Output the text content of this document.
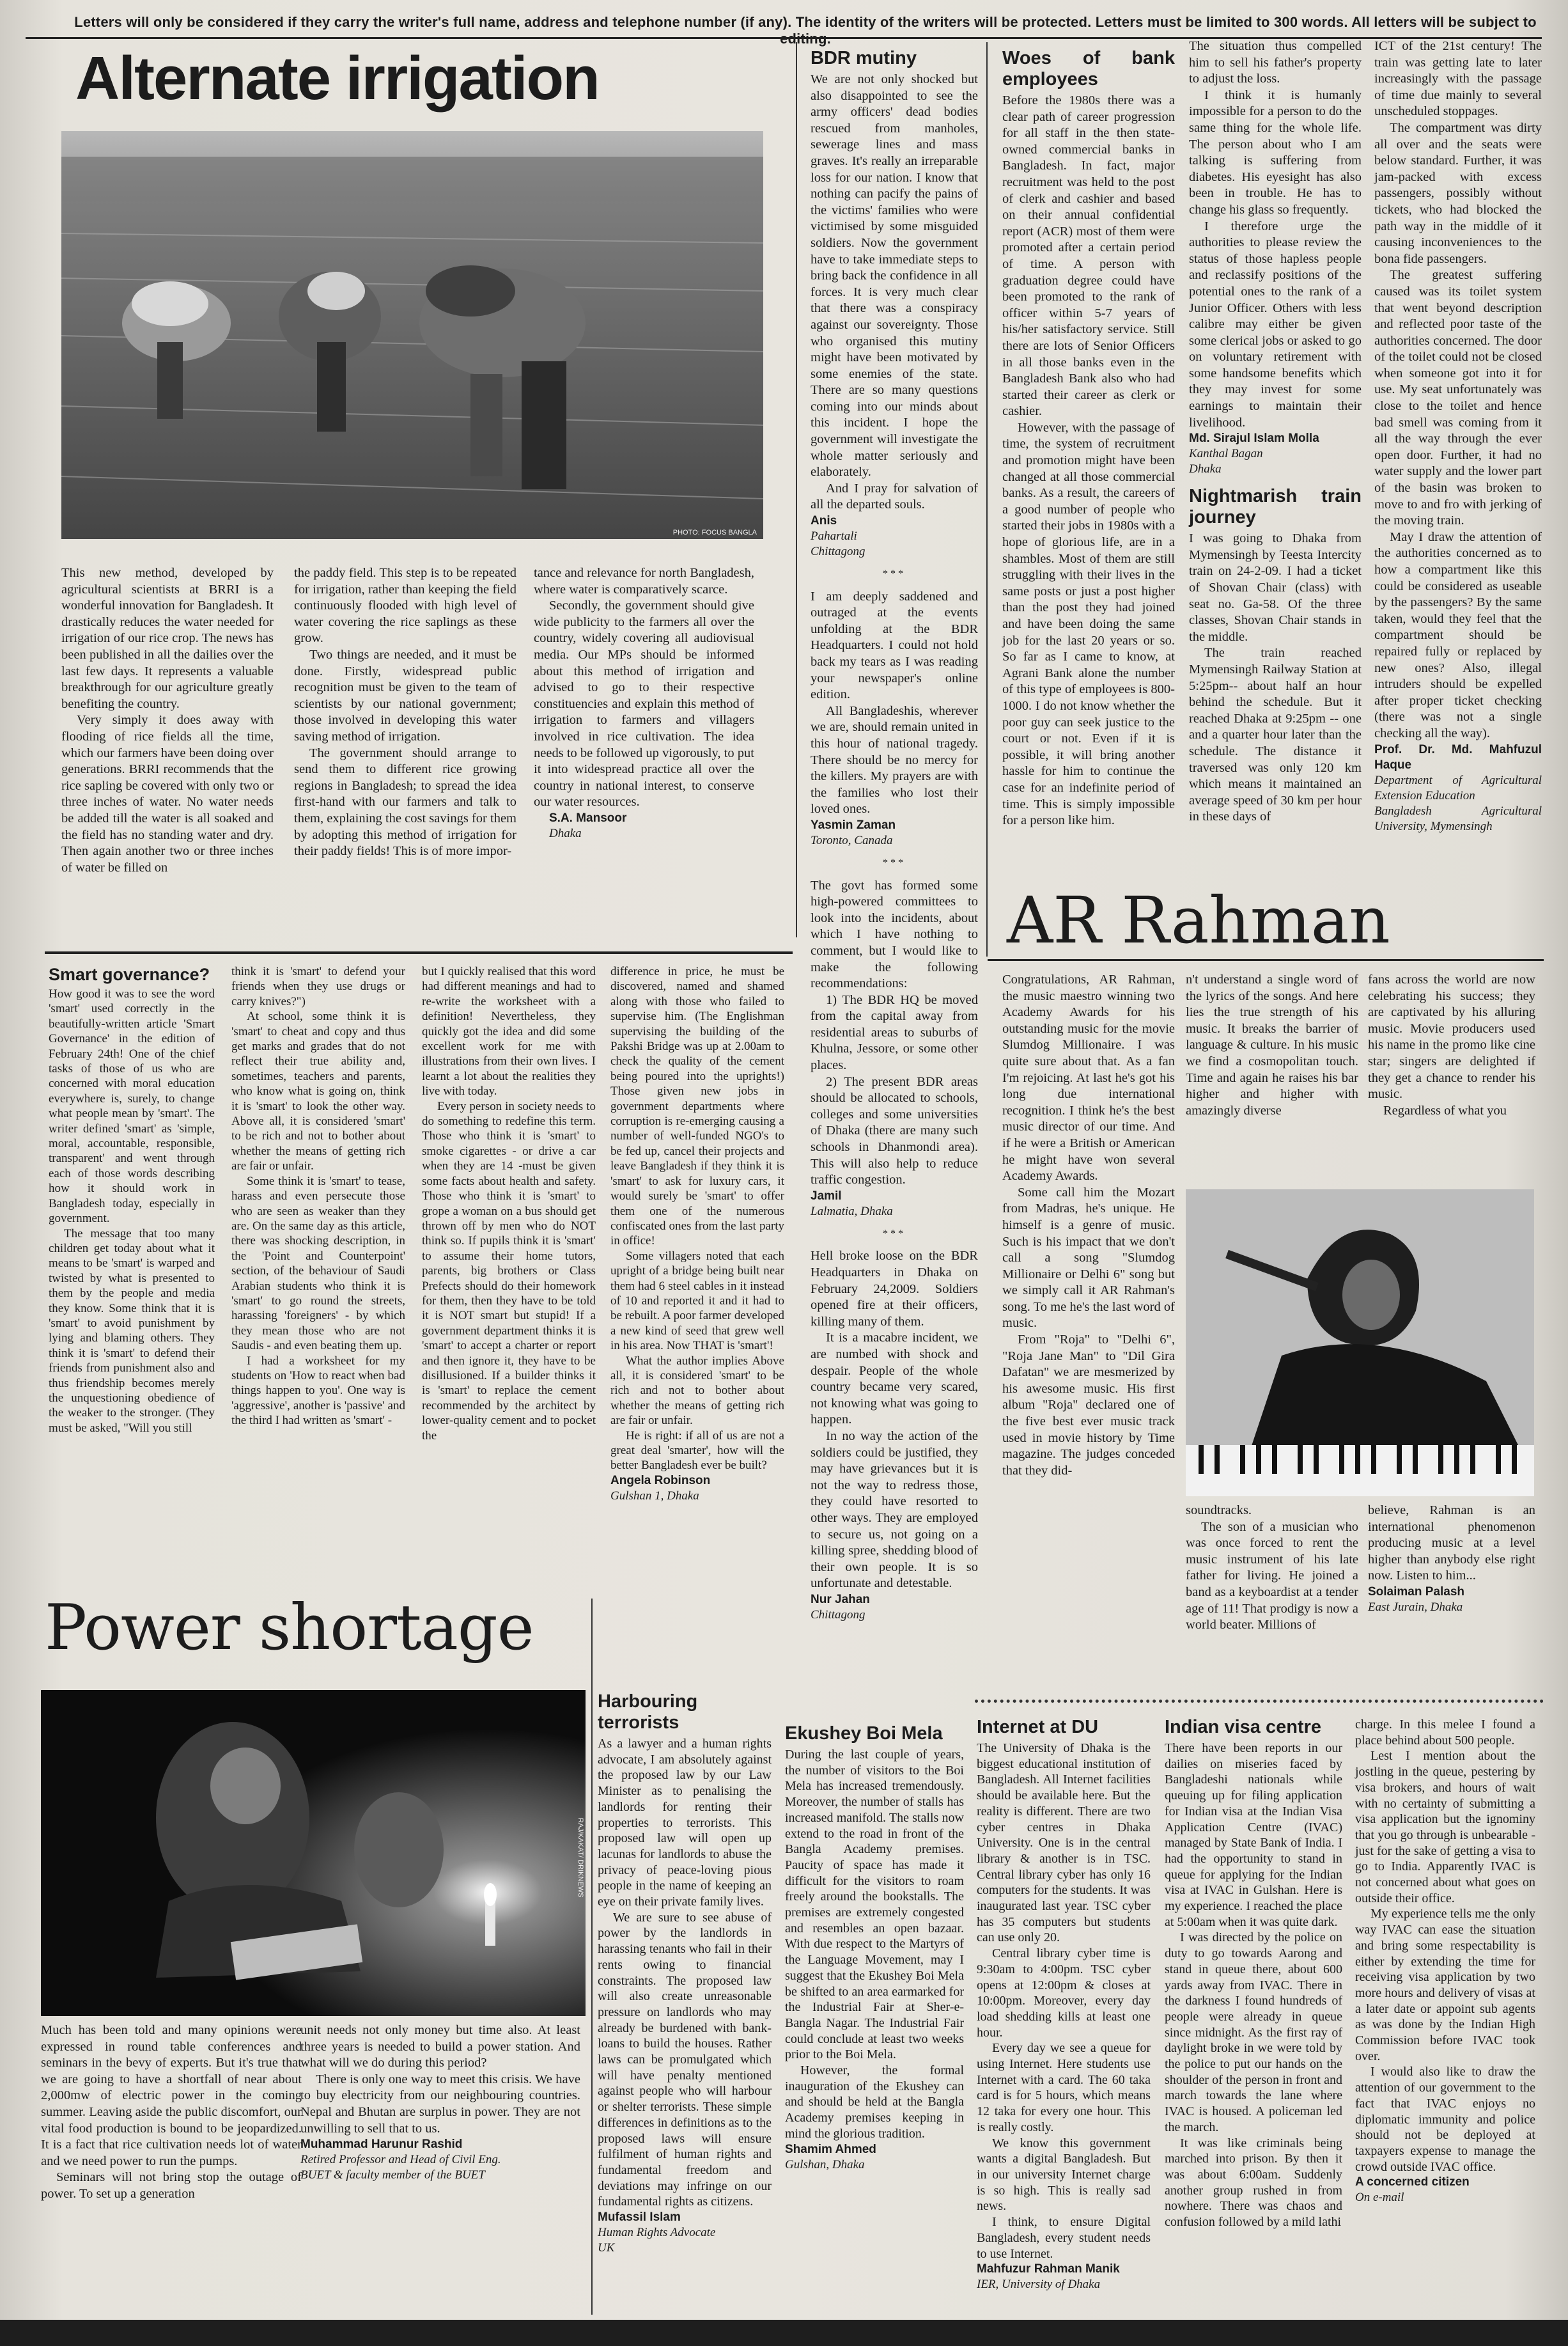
Letters will only be considered if they carry the writer's full name, address and telephone number (if any). The identity of the writers will be protected. Letters must be limited to 300 words. All letters will be subject to
Alternate irrigation
PHOTO: FOCUS BANGLA

This new method, developed by agricultural scientists at BRRI is a wonderful innovation for Bangladesh. It drastically reduces the water needed for irrigation of our rice crop. The news has been published in all the dailies over the last few days. It represents a valuable breakthrough for our agriculture greatly benefiting the country.

Very simply it does away with flooding of rice fields all the time, which our farmers have been doing over generations. BRRI recommends that the rice sapling be covered with only two or three inches of water. No water needs be added till the water is all soaked and the field has no standing water and dry. Then again another two or three inches of water be filled on

the paddy field. This step is to be repeated for irrigation, rather than keeping the field continuously flooded with high level of water covering the rice saplings as these grow.

Two things are needed, and it must be done. Firstly, widespread public recognition must be given to the team of scientists by our national government; those involved in developing this water saving method of irrigation.

The government should arrange to send them to different rice growing regions in Bangladesh; to spread the idea first-hand with our farmers and talk to them, explaining the cost savings for them by adopting this method of irrigation for their paddy fields! This is of more impor-

tance and relevance for north Bangladesh, where water is comparatively scarce.

Secondly, the government should give wide publicity to the farmers all over the country, widely covering all audiovisual media. Our MPs should be informed about this method of irrigation and advised to go to their respective constituencies and explain this method of irrigation to farmers and villagers involved in rice cultivation. The idea needs to be followed up vigorously, to put it into widespread practice all over the country in national interest, to conserve our water resources.

S.A. Mansoor
Dhaka
BDR mutiny

We are not only shocked but also disappointed to see the army officers' dead bodies rescued from manholes, sewerage lines and mass graves. It's really an irreparable loss for our nation. I know that nothing can pacify the pains of the victims' families who were victimised by some misguided soldiers. Now the government have to take immediate steps to bring back the confidence in all forces. It is very much clear that there was a conspiracy against our sovereignty. Those who organised this mutiny might have been motivated by some enemies of the state. There are so many questions coming into our minds about this incident. I hope the government will investigate the whole matter seriously and elaborately.

And I pray for salvation of all the departed souls.

Anis
Pahartali
Chittagong
***

I am deeply saddened and outraged at the events unfolding at the BDR Headquarters. I could not hold back my tears as I was reading your newspaper's online edition.

All Bangladeshis, wherever we are, should remain united in this hour of national tragedy. There should be no mercy for the killers. My prayers are with the families who lost their loved ones.

Yasmin Zaman
Toronto, Canada
***

The govt has formed some high-powered committees to look into the incidents, about which I have nothing to comment, but I would like to make the following recommendations:

1) The BDR HQ be moved from the capital away from residential areas to suburbs of Khulna, Jessore, or some other places.

2) The present BDR areas should be allocated to schools, colleges and some universities of Dhaka (there are many such schools in Dhanmondi area). This will also help to reduce traffic congestion.

Jamil
Lalmatia, Dhaka
***

Hell broke loose on the BDR Headquarters in Dhaka on February 24,2009. Soldiers opened fire at their officers, killing many of them.

It is a macabre incident, we are numbed with shock and despair. People of the whole country became very scared, not knowing what was going to happen.

In no way the action of the soldiers could be justified, they may have grievances but it is not the way to redress those, they could have resorted to other ways. They are employed to secure us, not going on a killing spree, shedding blood of their own people. It is so unfortunate and detestable.

Nur Jahan
Chittagong
Woes of bank employees

Before the 1980s there was a clear path of career progression for all staff in the then state-owned commercial banks in Bangladesh. In fact, major recruitment was held to the post of clerk and cashier and based on their annual confidential report (ACR) most of them were promoted after a certain period of time. A person with graduation degree could have been promoted to the rank of officer within 5-7 years of his/her satisfactory service. Still there are lots of Senior Officers in all those banks even in the Bangladesh Bank also who had started their career as clerk or cashier.

However, with the passage of time, the system of recruitment and promotion might have been changed at all those commercial banks. As a result, the careers of a good number of people who started their jobs in 1980s with a hope of glorious life, are in a shambles. Most of them are still struggling with their lives in the same posts or just a post higher than the post they had joined and have been doing the same job for the last 20 years or so. So far as I came to know, at Agrani Bank alone the number of this type of employees is 800-1000. I do not know whether the poor guy can seek justice to the court or not. Even if it is possible, it will bring another hassle for him to continue the case for an indefinite period of time. This is simply impossible for a person like him.

The situation thus compelled him to sell his father's property to adjust the loss.

I think it is humanly impossible for a person to do the same thing for the whole life. The person about who I am talking is suffering from diabetes. His eyesight has also been in trouble. He has to change his glass so frequently.

I therefore urge the authorities to please review the status of those hapless people and reclassify positions of the potential ones to the rank of a Junior Officer. Others with less calibre may either be given some clerical jobs or asked to go on voluntary retirement with some handsome benefits which they may invest for some earnings to maintain their livelihood.

Md. Sirajul Islam Molla
Kanthal Bagan
Dhaka
Nightmarish train journey

I was going to Dhaka from Mymensingh by Teesta Intercity train on 24-2-09. I had a ticket of Shovan Chair (class) with seat no. Ga-58. Of the three classes, Shovan Chair stands in the middle.

The train reached Mymensingh Railway Station at 5:25pm-- about half an hour behind the schedule. But it reached Dhaka at 9:25pm -- one and a quarter hour later than the schedule. The distance it traversed was only 120 km which means it maintained an average speed of 30 km per hour in these days of

ICT of the 21st century! The train was getting late to later increasingly with the passage of time due mainly to several unscheduled stoppages.

The compartment was dirty all over and the seats were below standard. Further, it was jam-packed with excess passengers, possibly without tickets, who had blocked the path way in the middle of it causing inconveniences to the bona fide passengers.

The greatest suffering caused was its toilet system that went beyond description and reflected poor taste of the authorities concerned. The door of the toilet could not be closed when someone got into it for use. My seat unfortunately was close to the toilet and hence bad smell was coming from it all the way through the ever open door. Further, it had no water supply and the lower part of the basin was broken to move to and fro with jerking of the moving train.

May I draw the attention of the authorities concerned as to how a compartment like this could be considered as useable by the passengers? By the same taken, would they feel that the compartment should be repaired fully or replaced by new ones? Also, illegal intruders should be expelled after proper ticket checking (there was not a single checking all the way).

Prof. Dr. Md. Mahfuzul Haque
Department of Agricultural Extension Education
Bangladesh Agricultural University, Mymensingh
AR Rahman

Congratulations, AR Rahman, the music maestro winning two Academy Awards for his outstanding music for the movie Slumdog Millionaire. I was quite sure about that. As a fan I'm rejoicing. At last he's got his long due international recognition. I think he's the best music director of our time. And if he were a British or American he might have won several Academy Awards.

Some call him the Mozart from Madras, he's unique. He himself is a genre of music. Such is his impact that we don't call a song "Slumdog Millionaire or Delhi 6" song but we simply call it AR Rahman's song. To me he's the last word of music.

From "Roja" to "Delhi 6", "Roja Jane Man" to "Dil Gira Dafatan" we are mesmerized by his awesome music. His first album "Roja" declared one of the five best ever music track used in movie history by Time magazine. The judges conceded that they did-

n't understand a single word of the lyrics of the songs. And here lies the true strength of his music. It breaks the barrier of language & culture. In his music we find a cosmopolitan touch. Time and again he raises his bar higher and higher with amazingly diverse

fans across the world are now celebrating his success; they are captivated by his alluring music. Movie producers used his name in the promo like cine star; singers are delighted if they get a chance to render his music.

Regardless of what you

soundtracks.

The son of a musician who was once forced to rent the music instrument of his late father for living. He joined a band as a keyboardist at a tender age of 11! That prodigy is now a world beater. Millions of

believe, Rahman is an international phenomenon producing music at a level higher than anybody else right now. Listen to him...

Solaiman Palash
East Jurain, Dhaka
Smart governance?

How good it was to see the word 'smart' used correctly in the beautifully-written article 'Smart Governance' in the edition of February 24th! One of the chief tasks of those of us who are concerned with moral education everywhere is, surely, to change what people mean by 'smart'. The writer defined 'smart' as 'simple, moral, accountable, responsible, transparent' and went through each of those words describing how it should work in Bangladesh today, especially in government.

The message that too many children get today about what it means to be 'smart' is warped and twisted by what is presented to them by the people and media they know. Some think that it is 'smart' to avoid punishment by lying and blaming others. They think it is 'smart' to defend their friends from punishment also and thus friendship becomes merely the unquestioning obedience of the weaker to the stronger. (They must be asked, "Will you still

think it is 'smart' to defend your friends when they use drugs or carry knives?")

At school, some think it is 'smart' to cheat and copy and thus get marks and grades that do not reflect their true ability and, sometimes, teachers and parents, who know what is going on, think it is 'smart' to look the other way. Above all, it is considered 'smart' to be rich and not to bother about whether the means of getting rich are fair or unfair.

Some think it is 'smart' to tease, harass and even persecute those who are seen as weaker than they are. On the same day as this article, there was shocking description, in the 'Point and Counterpoint' section, of the behaviour of Saudi Arabian students who think it is 'smart' to go round the streets, harassing 'foreigners' - by which they mean those who are not Saudis - and even beating them up.

I had a worksheet for my students on 'How to react when bad things happen to you'. One way is 'aggressive', another is 'passive' and the third I had written as 'smart' -

but I quickly realised that this word had different meanings and had to re-write the worksheet with a definition! Nevertheless, they quickly got the idea and did some excellent work for me with illustrations from their own lives. I learnt a lot about the realities they live with today.

Every person in society needs to do something to redefine this term. Those who think it is 'smart' to smoke cigarettes - or drive a car when they are 14 -must be given some facts about health and safety. Those who think it is 'smart' to grope a woman on a bus should get thrown off by men who do NOT think so. If pupils think it is 'smart' to assume their home tutors, parents, big brothers or Class Prefects should do their homework for them, then they have to be told it is NOT smart but stupid! If a government department thinks it is 'smart' to accept a charter or report and then ignore it, they have to be disillusioned. If a builder thinks it is 'smart' to replace the cement recommended by the architect by lower-quality cement and to pocket the

difference in price, he must be discovered, named and shamed along with those who failed to supervise him. (The Englishman supervising the building of the Pakshi Bridge was up at 2.00am to check the quality of the cement being poured into the uprights!) Those given new jobs in government departments where corruption is re-emerging causing a number of well-funded NGO's to be fed up, cancel their projects and leave Bangladesh if they think it is 'smart' to ask for luxury cars, it would surely be 'smart' to offer them one of the numerous confiscated ones from the last party in office!

Some villagers noted that each upright of a bridge being built near them had 6 steel cables in it instead of 10 and reported it and it had to be rebuilt. A poor farmer developed a new kind of seed that grew well in his area. Now THAT is 'smart'!

What the author implies Above all, it is considered 'smart' to be rich and not to bother about whether the means of getting rich are fair or unfair.

He is right: if all of us are not a great deal 'smarter', how will the better Bangladesh ever be built?

Angela Robinson
Gulshan 1, Dhaka
Power shortage
RAJ/KAKAT/ DRIKNEWS

Much has been told and many opinions were expressed in round table conferences and seminars in the bevy of experts. But it's true that we are going to have a shortfall of near about 2,000mw of electric power in the coming summer. Leaving aside the public discomfort, our vital food production is bound to be jeopardized. It is a fact that rice cultivation needs lot of water and we need power to run the pumps.

Seminars will not bring stop the outage of power. To set up a generation

unit needs not only money but time also. At least three years is needed to build a power station. And what will we do during this period?

There is only one way to meet this crisis. We have to buy electricity from our neighbouring countries. Nepal and Bhutan are surplus in power. They are not unwilling to sell that to us.

Muhammad Harunur Rashid
Retired Professor and Head of Civil Eng.
BUET & faculty member of the BUET
Harbouring terrorists

As a lawyer and a human rights advocate, I am absolutely against the proposed law by our Law Minister as to penalising the landlords for renting their properties to terrorists. This proposed law will open up lacunas for landlords to abuse the privacy of peace-loving pious people in the name of keeping an eye on their private family lives.

We are sure to see abuse of power by the landlords in harassing tenants who fail in their rents owing to financial constraints. The proposed law will also create unreasonable pressure on landlords who may already be burdened with bank-loans to build the houses. Rather laws can be promulgated which will have penalty mentioned against people who will harbour or shelter terrorists. These simple differences in definitions as to the proposed laws will ensure fulfilment of human rights and fundamental freedom and deviations may infringe on our fundamental rights as citizens.

Mufassil Islam
Human Rights Advocate
UK
Ekushey Boi Mela

During the last couple of years, the number of visitors to the Boi Mela has increased tremendously. Moreover, the number of stalls has increased manifold. The stalls now extend to the road in front of the Bangla Academy premises. Paucity of space has made it difficult for the visitors to roam freely around the bookstalls. The premises are extremely congested and resembles an open bazaar. With due respect to the Martyrs of the Language Movement, may I suggest that the Ekushey Boi Mela be shifted to an area earmarked for the Industrial Fair at Sher-e-Bangla Nagar. The Industrial Fair could conclude at least two weeks prior to the Boi Mela.

However, the formal inauguration of the Ekushey can and should be held at the Bangla Academy premises keeping in mind the glorious tradition.

Shamim Ahmed
Gulshan, Dhaka
Internet at DU

The University of Dhaka is the biggest educational institution of Bangladesh. All Internet facilities should be available here. But the reality is different. There are two cyber centres in Dhaka University. One is in the central library & another is in TSC. Central library cyber has only 16 computers for the students. It was inaugurated last year. TSC cyber has 35 computers but students can use only 20.

Central library cyber time is 9:30am to 4:00pm. TSC cyber opens at 12:00pm & closes at 10:00pm. Moreover, every day load shedding kills at least one hour.

Every day we see a queue for using Internet. Here students use Internet with a card. The 60 taka card is for 5 hours, which means 12 taka for every one hour. This is really costly.

We know this government wants a digital Bangladesh. But in our university Internet charge is so high. This is really sad news.

I think, to ensure Digital Bangladesh, every student needs to use Internet.

Mahfuzur Rahman Manik
IER, University of Dhaka
Indian visa centre

There have been reports in our dailies on miseries faced by Bangladeshi nationals while queuing up for filing application for Indian visa at the Indian Visa Application Centre (IVAC) managed by State Bank of India. I had the opportunity to stand in queue for applying for the Indian visa at IVAC in Gulshan. Here is my experience. I reached the place at 5:00am when it was quite dark.

I was directed by the police on duty to go towards Aarong and stand in queue there, about 600 yards away from IVAC. There in the darkness I found hundreds of people were already in queue since midnight. As the first ray of daylight broke in we were told by the police to put our hands on the shoulder of the person in front and march towards the lane where IVAC is housed. A policeman led the march.

It was like criminals being marched into prison. By then it was about 6:00am. Suddenly another group rushed in from nowhere. There was chaos and confusion followed by a mild lathi

charge. In this melee I found a place behind about 500 people.

Lest I mention about the jostling in the queue, pestering by visa brokers, and hours of wait with no certainty of submitting a visa application but the ignominy that you go through is unbearable - just for the sake of getting a visa to go to India. Apparently IVAC is not concerned about what goes on outside their office.

My experience tells me the only way IVAC can ease the situation and bring some respectability is either by extending the time for receiving visa application by two more hours and delivery of visas at a later date or appoint sub agents as was done by the Indian High Commission before IVAC took over.

I would also like to draw the attention of our government to the fact that IVAC enjoys no diplomatic immunity and police should not be deployed at taxpayers expense to manage the crowd outside IVAC office.

A concerned citizen
On e-mail
